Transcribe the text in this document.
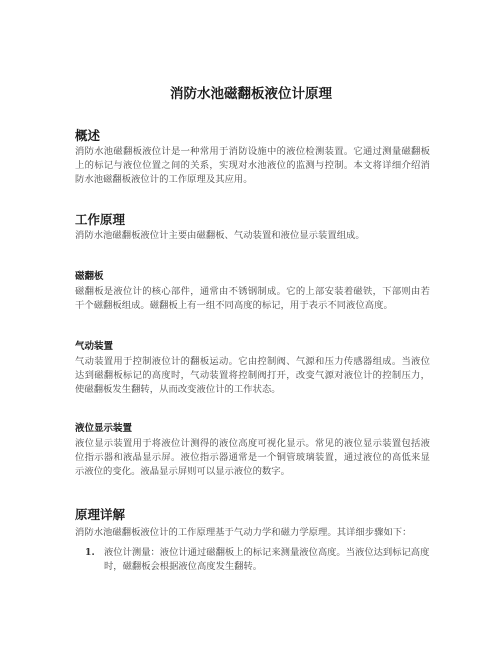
消防水池磁翻板液位计原理
概述
消防水池磁翻板液位计是一种常用于消防设施中的液位检测装置。它通过测量磁翻板上的标记与液位位置之间的关系，实现对水池液位的监测与控制。本文将详细介绍消防水池磁翻板液位计的工作原理及其应用。
工作原理
消防水池磁翻板液位计主要由磁翻板、气动装置和液位显示装置组成。
磁翻板
磁翻板是液位计的核心部件，通常由不锈钢制成。它的上部安装着磁铁，下部则由若干个磁翻板组成。磁翻板上有一组不同高度的标记，用于表示不同液位高度。
气动装置
气动装置用于控制液位计的翻板运动。它由控制阀、气源和压力传感器组成。当液位达到磁翻板标记的高度时，气动装置将控制阀打开，改变气源对液位计的控制压力，使磁翻板发生翻转，从而改变液位计的工作状态。
液位显示装置
液位显示装置用于将液位计测得的液位高度可视化显示。常见的液位显示装置包括液位指示器和液晶显示屏。液位指示器通常是一个铜管玻璃装置，通过液位的高低来显示液位的变化。液晶显示屏则可以显示液位的数字。
原理详解
消防水池磁翻板液位计的工作原理基于气动力学和磁力学原理。其详细步骤如下：
1. 液位计测量：液位计通过磁翻板上的标记来测量液位高度。当液位达到标记高度时，磁翻板会根据液位高度发生翻转。
